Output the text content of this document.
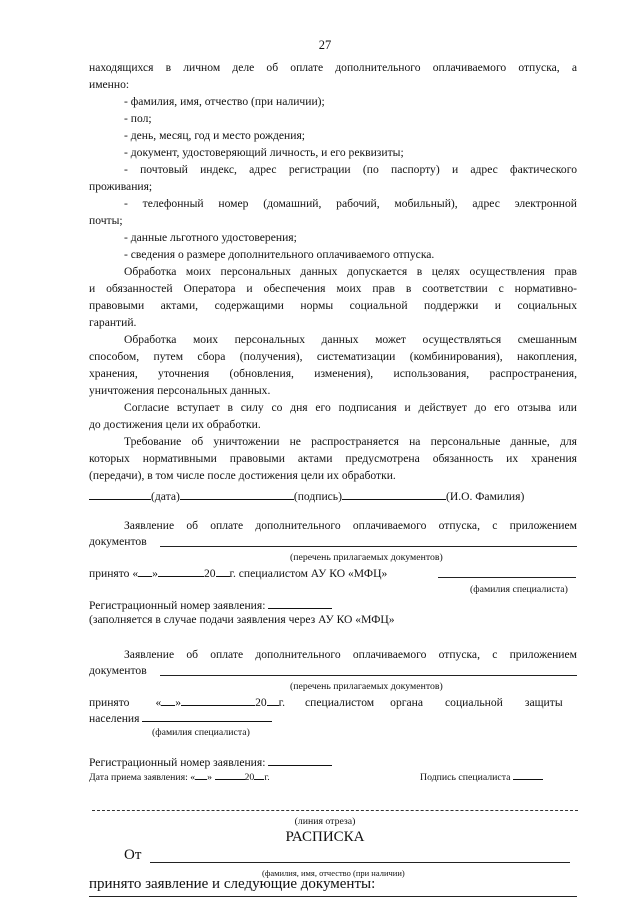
27
находящихся в личном деле об оплате дополнительного оплачиваемого отпуска, а
именно:
- фамилия, имя, отчество (при наличии);
- пол;
- день, месяц, год и место рождения;
- документ, удостоверяющий личность, и его реквизиты;
- почтовый индекс, адрес регистрации (по паспорту) и адрес фактического
проживания;
- телефонный номер (домашний, рабочий, мобильный), адрес электронной
почты;
- данные льготного удостоверения;
- сведения о размере дополнительного оплачиваемого отпуска.
Обработка моих персональных данных допускается в целях осуществления прав
и обязанностей Оператора и обеспечения моих прав в соответствии с нормативно-
правовыми актами, содержащими нормы социальной поддержки и социальных
гарантий.
Обработка моих персональных данных может осуществляться смешанным
способом, путем сбора (получения), систематизации (комбинирования), накопления,
хранения, уточнения (обновления, изменения), использования, распространения,
уничтожения персональных данных.
Согласие вступает в силу со дня его подписания и действует до его отзыва или
до достижения цели их обработки.
Требование об уничтожении не распространяется на персональные данные, для
которых нормативными правовыми актами предусмотрена обязанность их хранения
(передачи), в том числе после достижения цели их обработки.
(дата)	(подпись)	(И.О. Фамилия)
Заявление об оплате дополнительного оплачиваемого отпуска, с приложением
документов
(перечень прилагаемых документов)
принято « »	20 г. специалистом АУ КО «МФЦ»
(фамилия специалиста)
Регистрационный номер заявления:
(заполняется в случае подачи заявления через АУ КО «МФЦ»
Заявление об оплате дополнительного оплачиваемого отпуска, с приложением
документов
(перечень прилагаемых документов)
принято « »	20 г. специалистом органа социальной защиты
населения
(фамилия специалиста)
Регистрационный номер заявления:
Дата приема заявления: « »	20 г.	Подпись специалиста
(линия отреза)
РАСПИСКА
От
(фамилия, имя, отчество (при наличии)
принято заявление и следующие документы:
